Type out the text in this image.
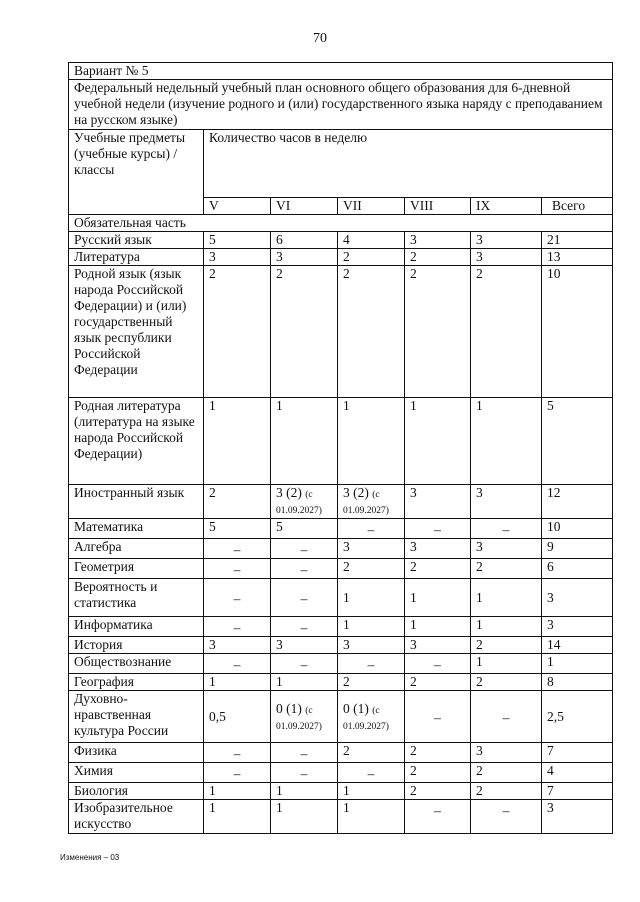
70
Вариант № 5						
Федеральный недельный учебный план основного общего образования для 6-дневной учебной недели (изучение родного и (или) государственного языка наряду с преподаванием на русском языке)						
Учебные предметы (учебные курсы) / классы	Количество часов в неделю					
	V	VI	VII	VIII	IX	Всего
Обязательная часть						
Русский язык	5	6	4	3	3	21
Литература	3	3	2	2	3	13
Родной язык (язык народа Российской Федерации) и (или) государственный язык республики Российской Федерации	2	2	2	2	2	10
Родная литература (литература на языке народа Российской Федерации)	1	1	1	1	1	5
Иностранный язык	2	3 (2) (с 01.09.2027)	3 (2) (с 01.09.2027)	3	3	12
Математика	5	5	–	–	–	10
Алгебра	–	–	3	3	3	9
Геометрия	–	–	2	2	2	6
Вероятность и статистика	–	–	1	1	1	3
Информатика	–	–	1	1	1	3
История	3	3	3	3	2	14
Обществознание	–	–	–	–	1	1
География	1	1	2	2	2	8
Духовно-нравственная культура России	0,5	0 (1) (с 01.09.2027)	0 (1) (с 01.09.2027)	–	–	2,5
Физика	–	–	2	2	3	7
Химия	–	–	–	2	2	4
Биология	1	1	1	2	2	7
Изобразительное искусство	1	1	1	–	–	3
Изменения – 03
